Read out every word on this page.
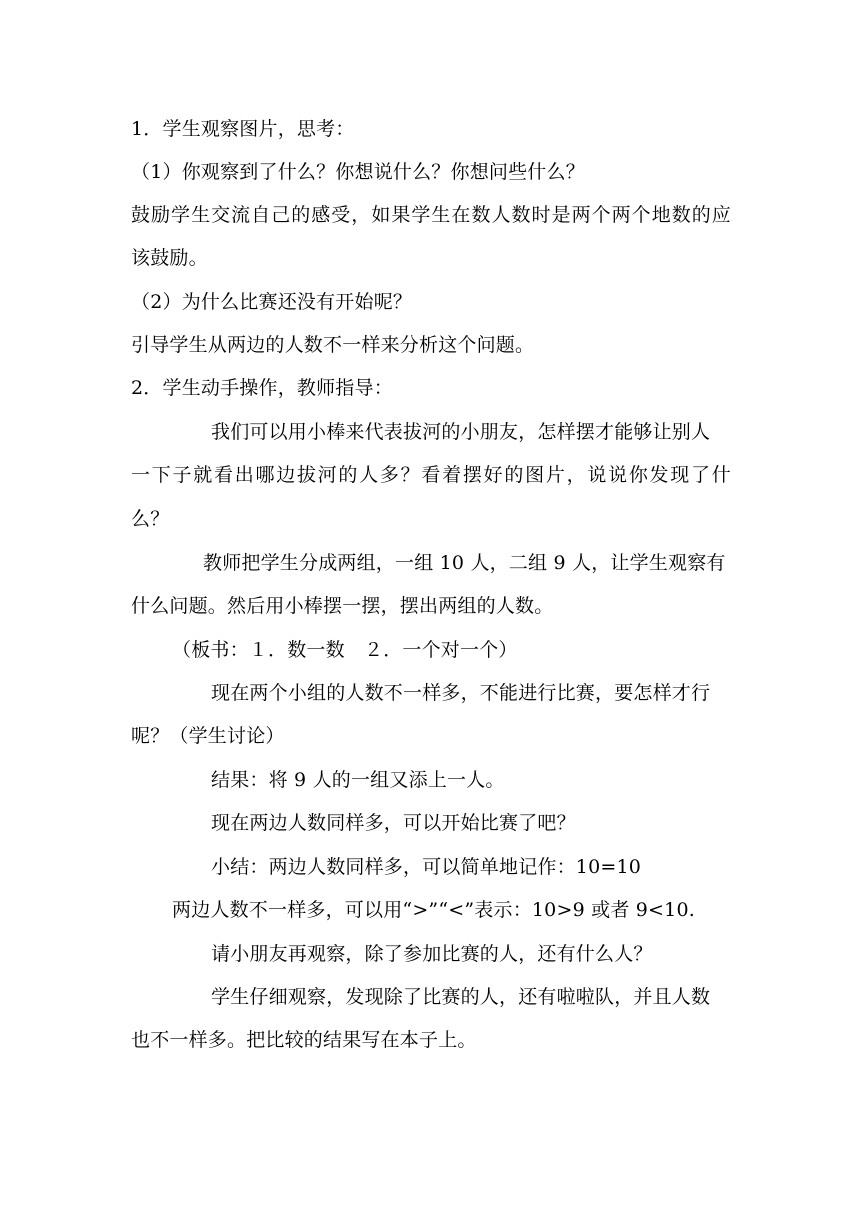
1．学生观察图片，思考：
（1）你观察到了什么？你想说什么？你想问些什么？
鼓励学生交流自己的感受，如果学生在数人数时是两个两个地数的应
该鼓励。
（2）为什么比赛还没有开始呢？
引导学生从两边的人数不一样来分析这个问题。
2．学生动手操作，教师指导：
我们可以用小棒来代表拔河的小朋友，怎样摆才能够让别人
一下子就看出哪边拔河的人多？看着摆好的图片，说说你发现了什
么？
教师把学生分成两组，一组 10 人，二组 9 人，让学生观察有
什么问题。然后用小棒摆一摆，摆出两组的人数。
（板书：１．数一数　２．一个对一个）
现在两个小组的人数不一样多，不能进行比赛，要怎样才行
呢？（学生讨论）
结果：将 9 人的一组又添上一人。
现在两边人数同样多，可以开始比赛了吧？
小结：两边人数同样多，可以简单地记作：10=10
两边人数不一样多，可以用“>”“<”表示：10>9 或者 9<10.
请小朋友再观察，除了参加比赛的人，还有什么人？
学生仔细观察，发现除了比赛的人，还有啦啦队，并且人数
也不一样多。把比较的结果写在本子上。
